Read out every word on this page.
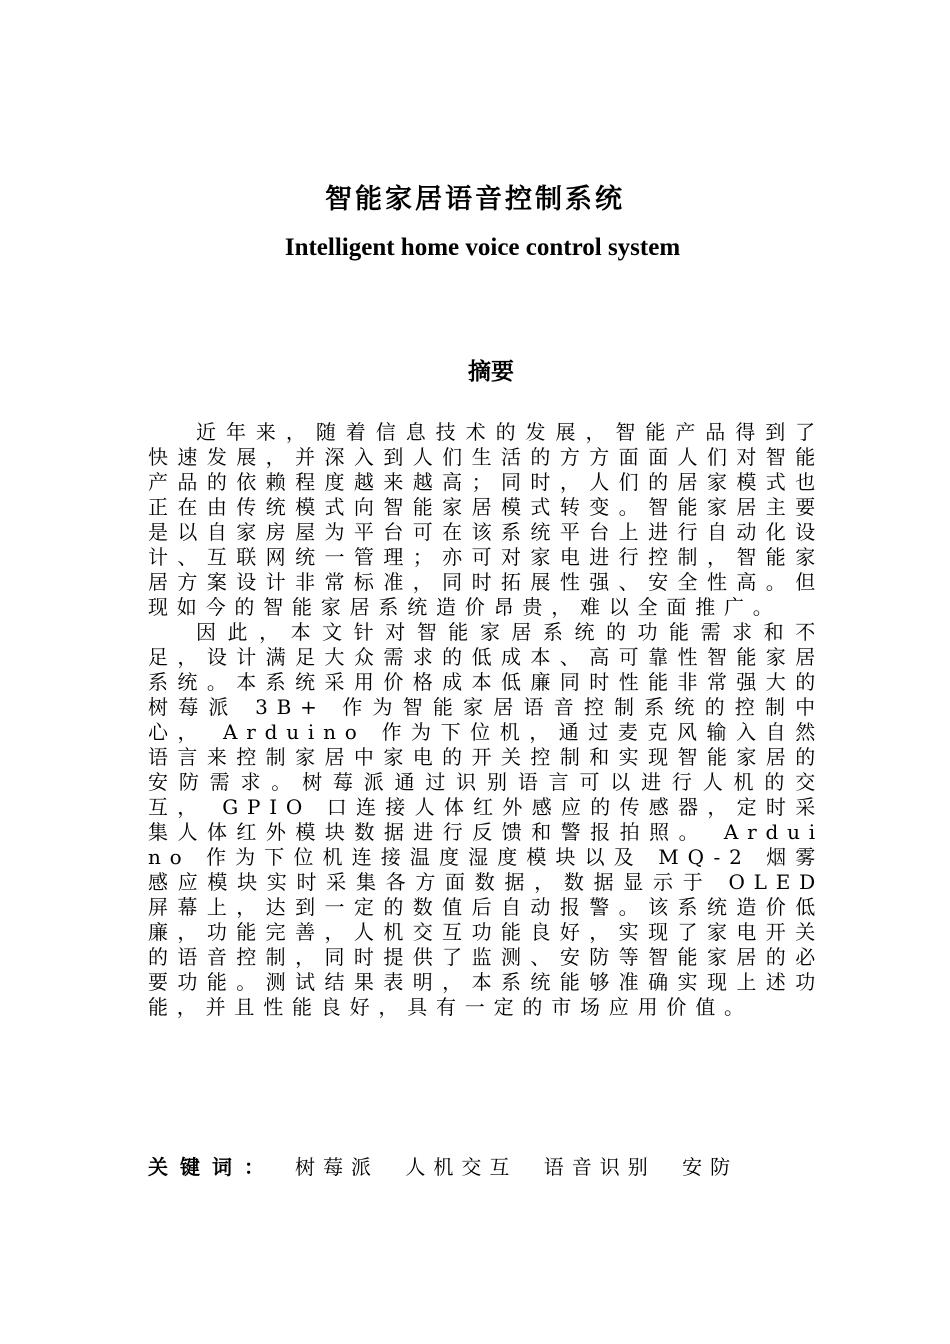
智能家居语音控制系统
Intelligent home voice control system
摘要

近年来，随着信息技术的发展，智能产品得到了快速发展，并深入到人们生活的方方面面人们对智能产品的依赖程度越来越高；同时，人们的居家模式也正在由传统模式向智能家居模式转变。智能家居主要是以自家房屋为平台可在该系统平台上进行自动化设计、互联网统一管理；亦可对家电进行控制，智能家居方案设计非常标准，同时拓展性强、安全性高。但现如今的智能家居系统造价昂贵，难以全面推广。

因此，本文针对智能家居系统的功能需求和不足，设计满足大众需求的低成本、高可靠性智能家居系统。本系统采用价格成本低廉同时性能非常强大的树莓派 3B+ 作为智能家居语音控制系统的控制中心， Arduino 作为下位机，通过麦克风输入自然语言来控制家居中家电的开关控制和实现智能家居的安防需求。树莓派通过识别语言可以进行人机的交互， GPIO 口连接人体红外感应的传感器，定时采集人体红外模块数据进行反馈和警报拍照。 Arduino 作为下位机连接温度湿度模块以及 MQ-2 烟雾感应模块实时采集各方面数据，数据显示于 OLED 屏幕上，达到一定的数值后自动报警。该系统造价低廉，功能完善，人机交互功能良好，实现了家电开关的语音控制，同时提供了监测、安防等智能家居的必要功能。测试结果表明，本系统能够准确实现上述功能，并且性能良好，具有一定的市场应用价值。

关键词： 树莓派 人机交互 语音识别 安防
